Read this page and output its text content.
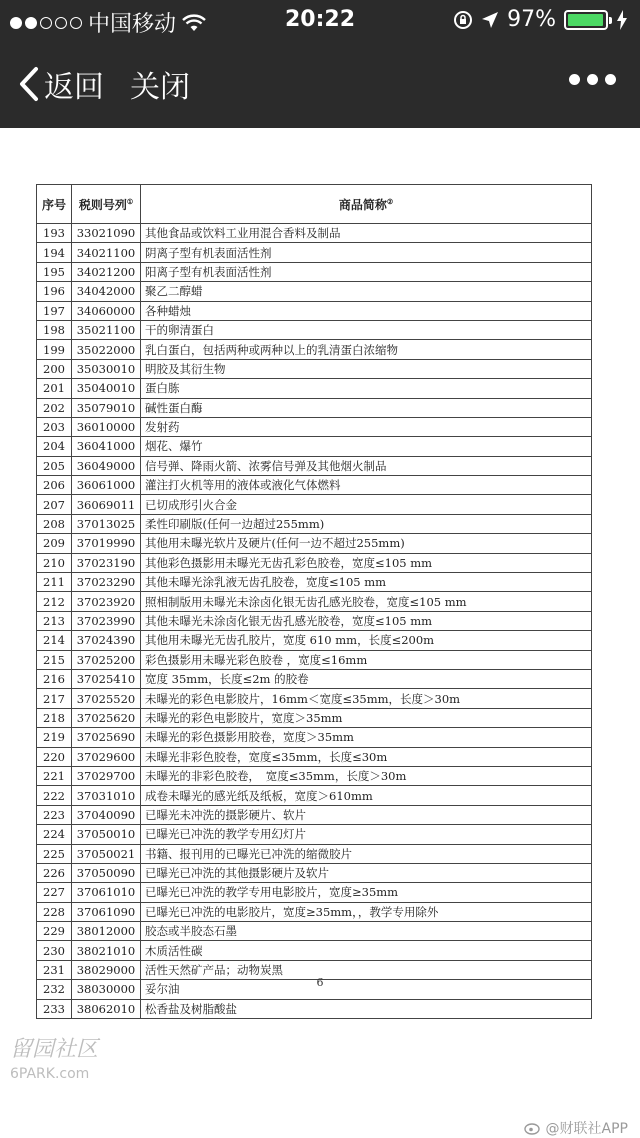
中国移动	20:22	97%
返回 关闭
序号	税则号列①	商品简称②
193	33021090	其他食品或饮料工业用混合香料及制品
194	34021100	阴离子型有机表面活性剂
195	34021200	阳离子型有机表面活性剂
196	34042000	聚乙二醇蜡
197	34060000	各种蜡烛
198	35021100	干的卵清蛋白
199	35022000	乳白蛋白，包括两种或两种以上的乳清蛋白浓缩物
200	35030010	明胶及其衍生物
201	35040010	蛋白胨
202	35079010	碱性蛋白酶
203	36010000	发射药
204	36041000	烟花、爆竹
205	36049000	信号弹、降雨火箭、浓雾信号弹及其他烟火制品
206	36061000	灌注打火机等用的液体或液化气体燃料
207	36069011	已切成形引火合金
208	37013025	柔性印刷版(任何一边超过255mm)
209	37019990	其他用未曝光软片及硬片(任何一边不超过255mm)
210	37023190	其他彩色摄影用未曝光无齿孔彩色胶卷，宽度≤105 mm
211	37023290	其他未曝光涂乳液无齿孔胶卷，宽度≤105 mm
212	37023920	照相制版用未曝光未涂卤化银无齿孔感光胶卷，宽度≤105 mm
213	37023990	其他未曝光未涂卤化银无齿孔感光胶卷，宽度≤105 mm
214	37024390	其他用未曝光无齿孔胶片，宽度 610 mm，长度≤200m
215	37025200	彩色摄影用未曝光彩色胶卷 ，宽度≤16mm
216	37025410	宽度 35mm，长度≤2m 的胶卷
217	37025520	未曝光的彩色电影胶片，16mm＜宽度≤35mm，长度＞30m
218	37025620	未曝光的彩色电影胶片，宽度＞35mm
219	37025690	未曝光的彩色摄影用胶卷，宽度＞35mm
220	37029600	未曝光非彩色胶卷，宽度≤35mm，长度≤30m
221	37029700	未曝光的非彩色胶卷，　宽度≤35mm，长度＞30m
222	37031010	成卷未曝光的感光纸及纸板，宽度＞610mm
223	37040090	已曝光未冲洗的摄影硬片、软片
224	37050010	已曝光已冲洗的教学专用幻灯片
225	37050021	书籍、报刊用的已曝光已冲洗的缩微胶片
226	37050090	已曝光已冲洗的其他摄影硬片及软片
227	37061010	已曝光已冲洗的教学专用电影胶片，宽度≥35mm
228	37061090	已曝光已冲洗的电影胶片，宽度≥35mm，，教学专用除外
229	38012000	胶态或半胶态石墨
230	38021010	木质活性碳
231	38029000	活性天然矿产品；动物炭黑
232	38030000	妥尔油
233	38062010	松香盐及树脂酸盐
6
留园社区
6PARK.com
@财联社APP
